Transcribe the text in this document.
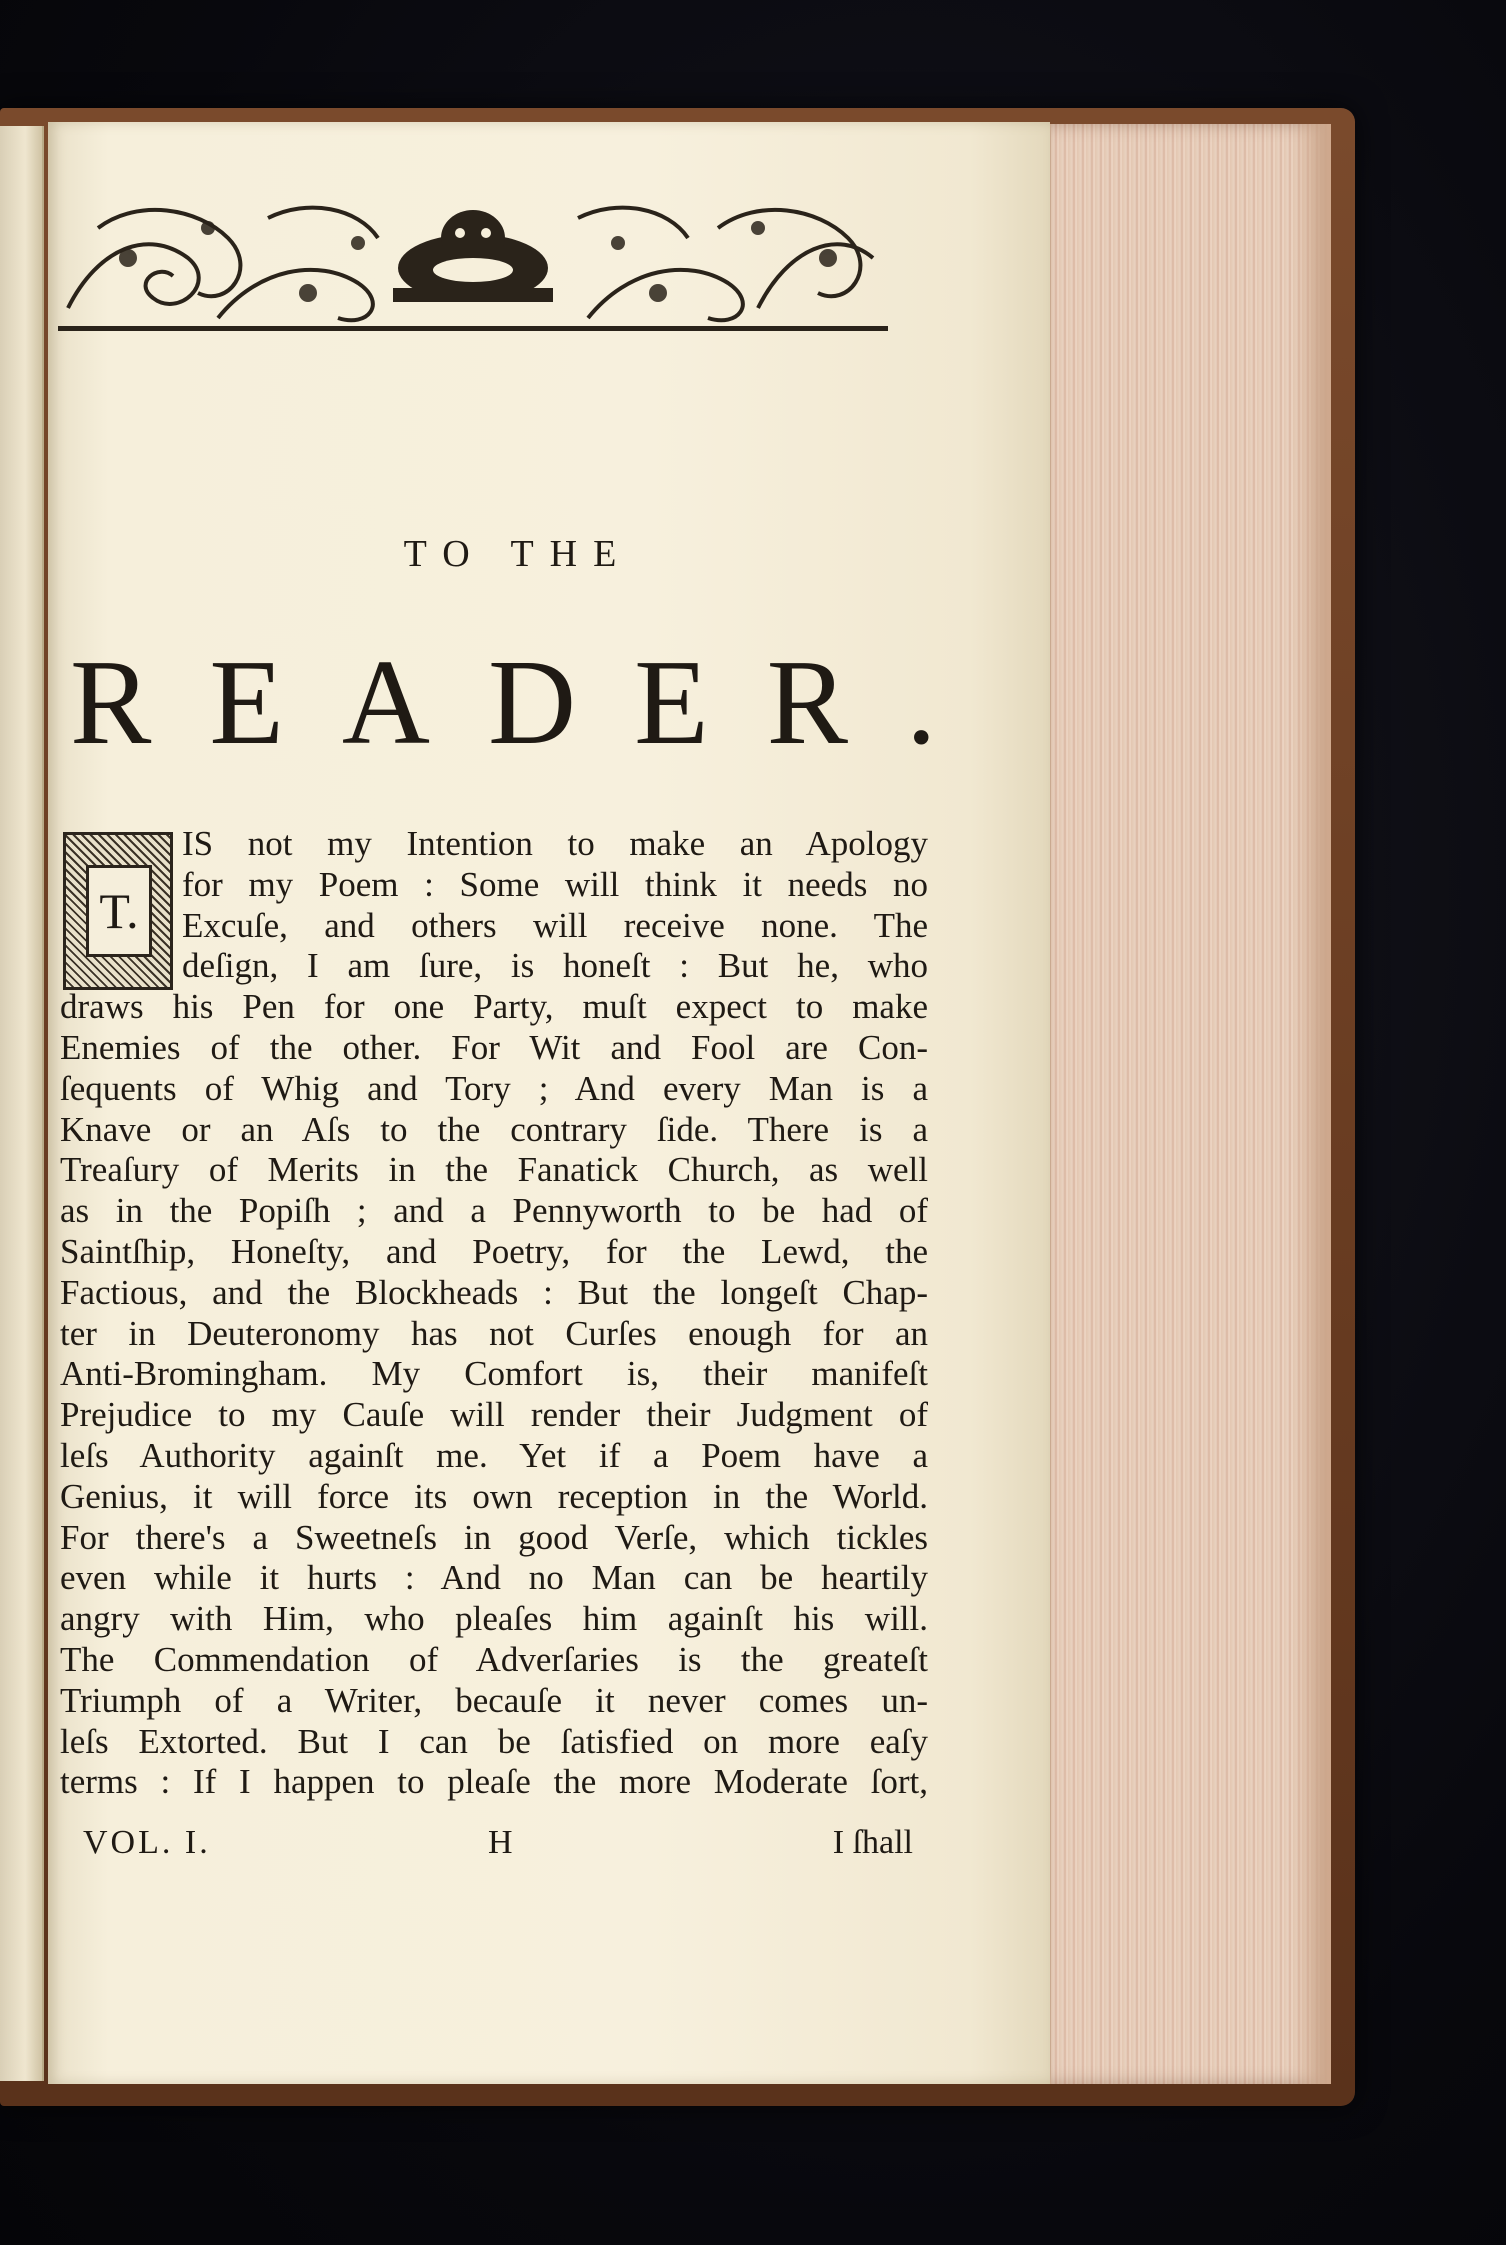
TO THE
READER.
T.
IS not my Intention to make an Apology
for my Poem : Some will think it needs no
Excuſe, and others will receive none. The
deſign, I am ſure, is honeſt : But he, who
draws his Pen for one Party, muſt expect to make
Enemies of the other. For Wit and Fool are Con-
ſequents of Whig and Tory ; And every Man is a
Knave or an Aſs to the contrary ſide. There is a
Treaſury of Merits in the Fanatick Church, as well
as in the Popiſh ; and a Pennyworth to be had of
Saintſhip, Honeſty, and Poetry, for the Lewd, the
Factious, and the Blockheads : But the longeſt Chap-
ter in Deuteronomy has not Curſes enough for an
Anti-Bromingham. My Comfort is, their manifeſt
Prejudice to my Cauſe will render their Judgment of
leſs Authority againſt me. Yet if a Poem have a
Genius, it will force its own reception in the World.
For there's a Sweetneſs in good Verſe, which tickles
even while it hurts : And no Man can be heartily
angry with Him, who pleaſes him againſt his will.
The Commendation of Adverſaries is the greateſt
Triumph of a Writer, becauſe it never comes un-
leſs Extorted. But I can be ſatisfied on more eaſy
terms : If I happen to pleaſe the more Moderate ſort,
VOL. I.	H	I ſhall
